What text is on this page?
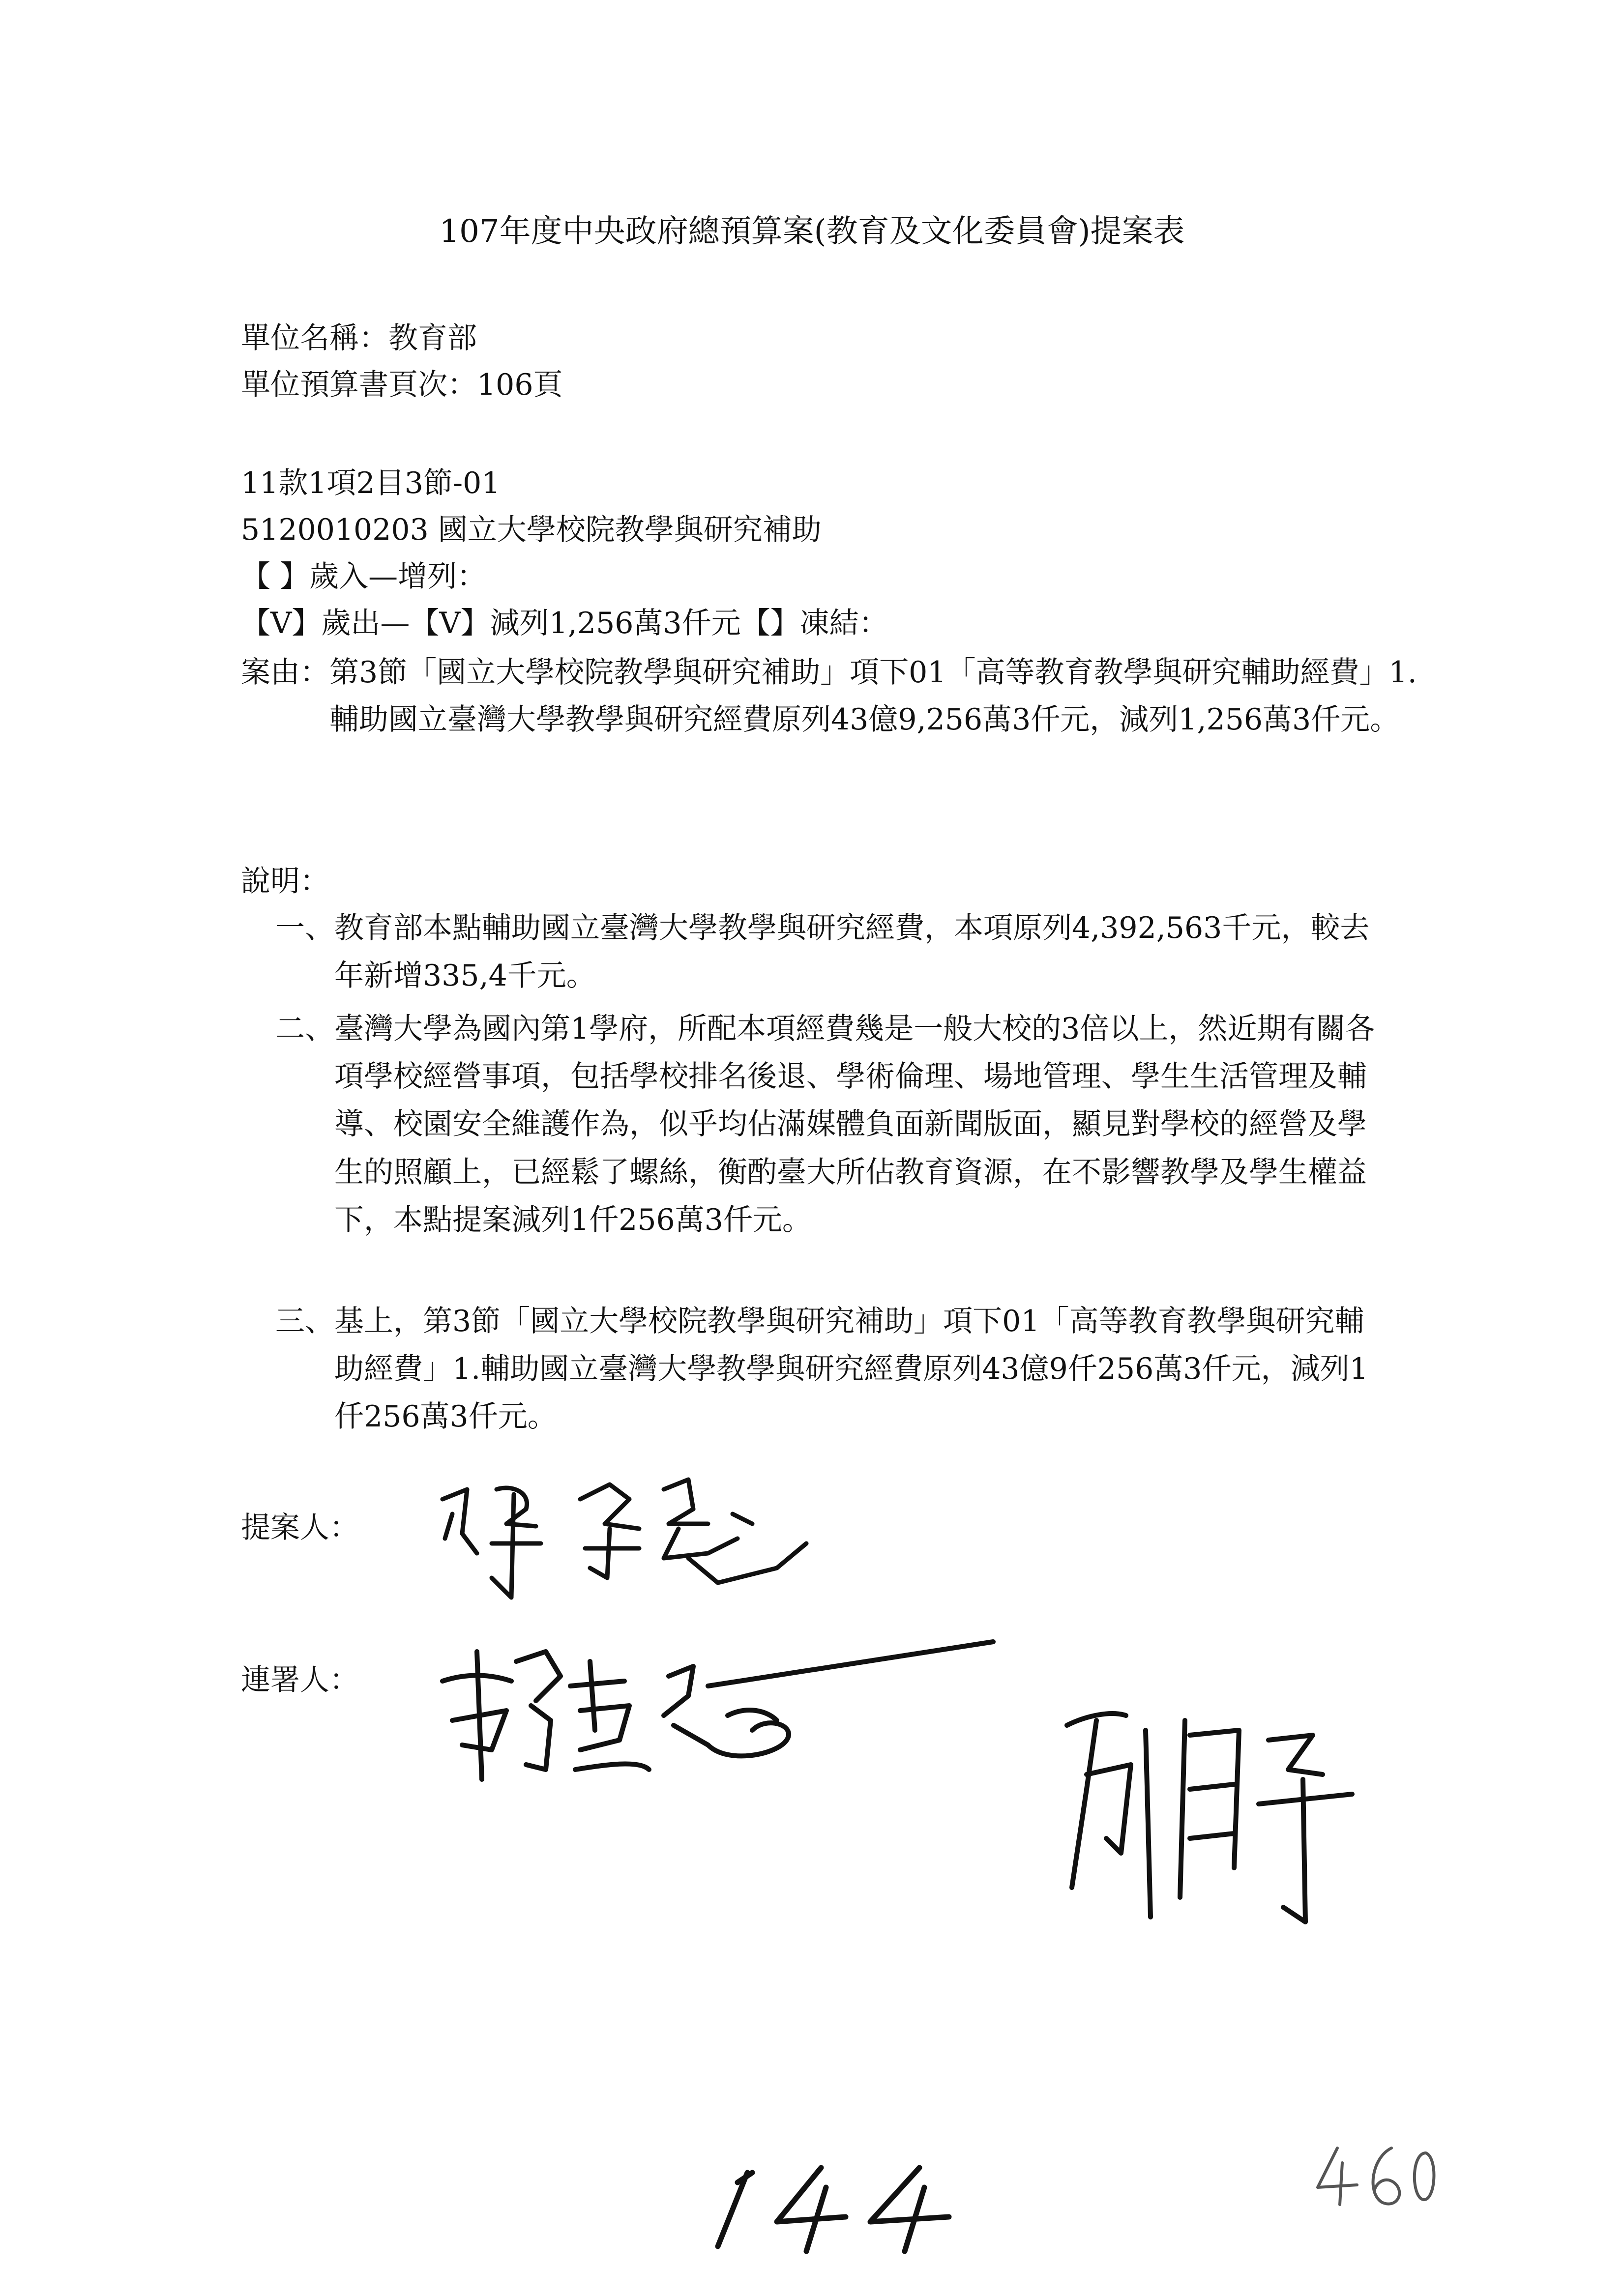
107年度中央政府總預算案(教育及文化委員會)提案表
單位名稱：教育部
單位預算書頁次：106頁
11款1項2目3節-01
5120010203 國立大學校院教學與研究補助
【 】歲入—增列：
【V】歲出—【V】減列1,256萬3仟元【】凍結：
案由： 第3節「國立大學校院教學與研究補助」項下01「高等教育教學與研究輔助經費」1.輔助國立臺灣大學教學與研究經費原列43億9,256萬3仟元，減列1,256萬3仟元。
說明：
一、 教育部本點輔助國立臺灣大學教學與研究經費，本項原列4,392,563千元，較去年新增335,4千元。
二、 臺灣大學為國內第1學府，所配本項經費幾是一般大校的3倍以上，然近期有關各項學校經營事項，包括學校排名後退、學術倫理、場地管理、學生生活管理及輔導、校園安全維護作為，似乎均佔滿媒體負面新聞版面，顯見對學校的經營及學生的照顧上，已經鬆了螺絲，衡酌臺大所佔教育資源，在不影響教學及學生權益下，本點提案減列1仟256萬3仟元。
三、 基上，第3節「國立大學校院教學與研究補助」項下01「高等教育教學與研究輔助經費」1.輔助國立臺灣大學教學與研究經費原列43億9仟256萬3仟元，減列1仟256萬3仟元。
提案人：
連署人：
